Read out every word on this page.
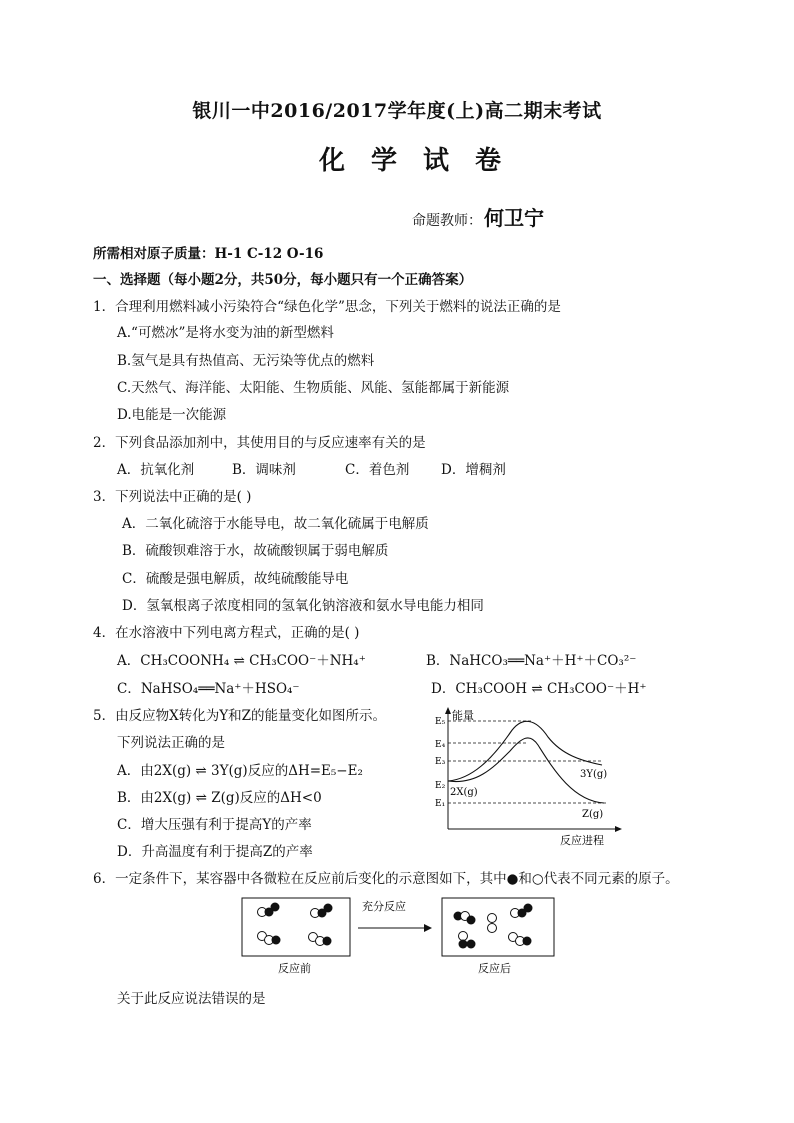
银川一中2016/2017学年度(上)高二期末考试
化学试卷
命题教师： 何卫宁
所需相对原子质量：H-1 C-12 O-16
一、选择题（每小题2分，共50分，每小题只有一个正确答案）
1．合理利用燃料减小污染符合“绿色化学”思念，下列关于燃料的说法正确的是
A.“可燃冰”是将水变为油的新型燃料
B.氢气是具有热值高、无污染等优点的燃料
C.天然气、海洋能、太阳能、生物质能、风能、氢能都属于新能源
D.电能是一次能源
2．下列食品添加剂中，其使用目的与反应速率有关的是
A．抗氧化剂	B．调味剂	C．着色剂 D．增稠剂
3．下列说法中正确的是( )
A．二氧化硫溶于水能导电，故二氧化硫属于电解质
B．硫酸钡难溶于水，故硫酸钡属于弱电解质
C．硫酸是强电解质，故纯硫酸能导电
D．氢氧根离子浓度相同的氢氧化钠溶液和氨水导电能力相同
4．在水溶液中下列电离方程式，正确的是( )
A．CH₃COONH₄ ⇌ CH₃COO⁻＋NH₄⁺	B．NaHCO₃══Na⁺＋H⁺＋CO₃²⁻
C．NaHSO₄══Na⁺＋HSO₄⁻	D．CH₃COOH ⇌ CH₃COO⁻＋H⁺
5．由反应物X转化为Y和Z的能量变化如图所示。
下列说法正确的是
A．由2X(g) ⇌ 3Y(g)反应的ΔH=E₅−E₂
B．由2X(g) ⇌ Z(g)反应的ΔH<0
C．增大压强有利于提高Y的产率
D．升高温度有利于提高Z的产率
能量
反应进程
E₅
E₄
E₃
E₂
E₁
2X(g)
3Y(g)
Z(g)
6．一定条件下，某容器中各微粒在反应前后变化的示意图如下，其中●和○代表不同元素的原子。
充分反应
反应前	反应后
关于此反应说法错误的是
